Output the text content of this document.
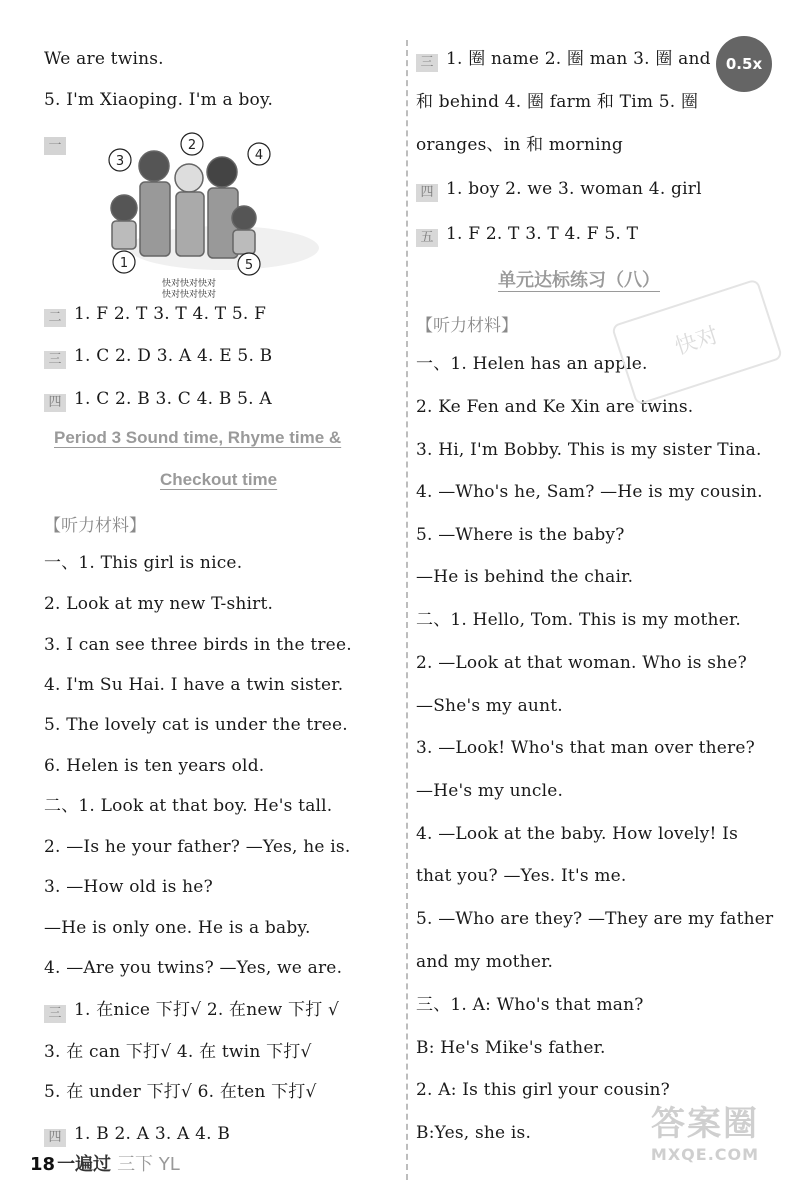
We are twins.
5. I'm Xiaoping. I'm a boy.
一
1
2
3	4
5
快对快对快对
快对快对快对
二 1. F 2. T 3. T 4. T 5. F
三 1. C 2. D 3. A 4. E 5. B
四 1. C 2. B 3. C 4. B 5. A
Period 3 Sound time, Rhyme time &
Checkout time
【听力材料】
一、1. This girl is nice.
2. Look at my new T-shirt.
3. I can see three birds in the tree.
4. I'm Su Hai. I have a twin sister.
5. The lovely cat is under the tree.
6. Helen is ten years old.
二、1. Look at that boy. He's tall.
2. —Is he your father? —Yes, he is.
3. —How old is he?
—He is only one. He is a baby.
4. —Are you twins? —Yes, we are.
三 1. 在nice 下打√ 2. 在new 下打 √
3. 在 can 下打√ 4. 在 twin 下打√
5. 在 under 下打√ 6. 在ten 下打√
四 1. B 2. A 3. A 4. B
三 1. 圈 name 2. 圈 man 3. 圈 and
和 behind 4. 圈 farm 和 Tim 5. 圈
oranges、in 和 morning
四 1. boy 2. we 3. woman 4. girl
五 1. F 2. T 3. T 4. F 5. T
单元达标练习（八）
【听力材料】
一、1. Helen has an apple.
2. Ke Fen and Ke Xin are twins.
3. Hi, I'm Bobby. This is my sister Tina.
4. —Who's he, Sam? —He is my cousin.
5. —Where is the baby?
—He is behind the chair.
二、1. Hello, Tom. This is my mother.
2. —Look at that woman. Who is she?
—She's my aunt.
3. —Look! Who's that man over there?
—He's my uncle.
4. —Look at the baby. How lovely! Is
that you? —Yes. It's me.
5. —Who are they? —They are my father
and my mother.
三、1. A: Who's that man?
B: He's Mike's father.
2. A: Is this girl your cousin?
B:Yes, she is.
快对
0.5x
18 一遍过 三下 YL
答案圈
MXQE.COM
